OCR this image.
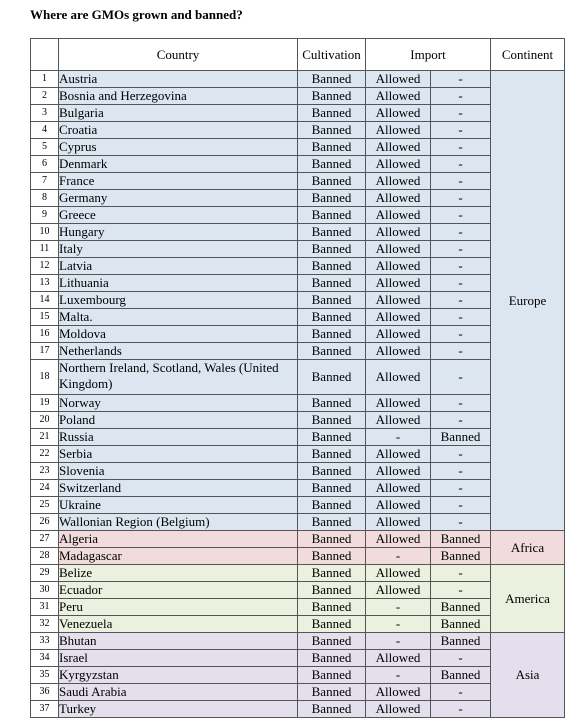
Where are GMOs grown and banned?
	Country	Cultivation	Import		Continent
1	Austria	Banned	Allowed	-	Europe
2	Bosnia and Herzegovina	Banned	Allowed	-	
3	Bulgaria	Banned	Allowed	-	
4	Croatia	Banned	Allowed	-	
5	Cyprus	Banned	Allowed	-	
6	Denmark	Banned	Allowed	-	
7	France	Banned	Allowed	-	
8	Germany	Banned	Allowed	-	
9	Greece	Banned	Allowed	-	
10	Hungary	Banned	Allowed	-	
11	Italy	Banned	Allowed	-	
12	Latvia	Banned	Allowed	-	
13	Lithuania	Banned	Allowed	-	
14	Luxembourg	Banned	Allowed	-	
15	Malta.	Banned	Allowed	-	
16	Moldova	Banned	Allowed	-	
17	Netherlands	Banned	Allowed	-	
18	Northern Ireland, Scotland, Wales (United Kingdom)	Banned	Allowed	-	
19	Norway	Banned	Allowed	-	
20	Poland	Banned	Allowed	-	
21	Russia	Banned	-	Banned	
22	Serbia	Banned	Allowed	-	
23	Slovenia	Banned	Allowed	-	
24	Switzerland	Banned	Allowed	-	
25	Ukraine	Banned	Allowed	-	
26	Wallonian Region (Belgium)	Banned	Allowed	-	
27	Algeria	Banned	Allowed	Banned	Africa
28	Madagascar	Banned	-	Banned	
29	Belize	Banned	Allowed	-	America
30	Ecuador	Banned	Allowed	-	
31	Peru	Banned	-	Banned	
32	Venezuela	Banned	-	Banned	
33	Bhutan	Banned	-	Banned	Asia
34	Israel	Banned	Allowed	-	
35	Kyrgyzstan	Banned	-	Banned	
36	Saudi Arabia	Banned	Allowed	-	
37	Turkey	Banned	Allowed	-	
